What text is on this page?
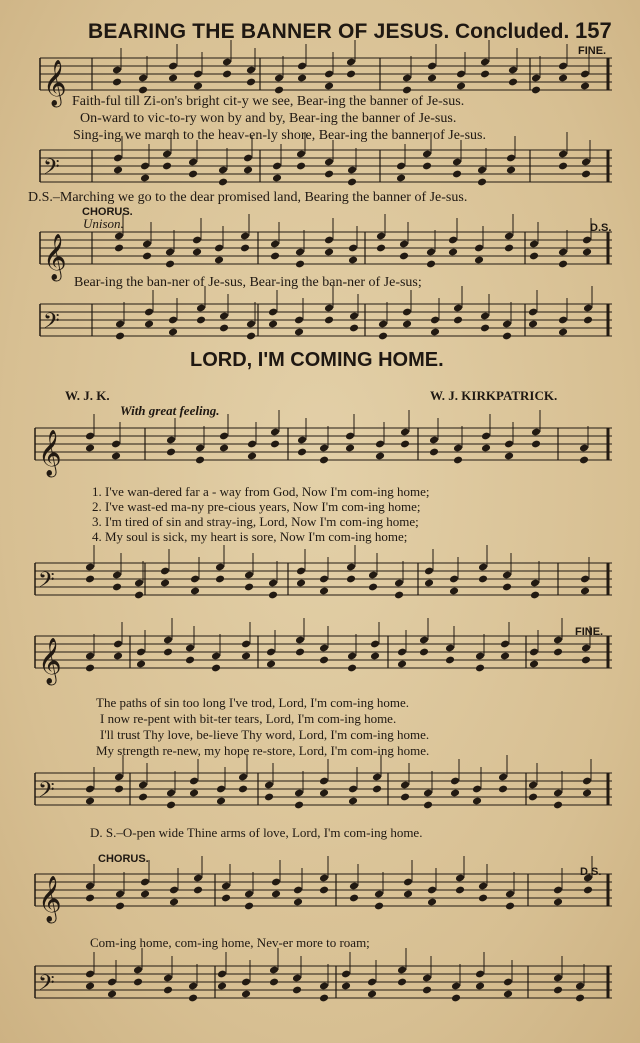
𝄞
𝄢
𝄞
𝄢
𝄞
𝄢
𝄞
𝄢
𝄞
𝄢
BEARING THE BANNER OF JESUS. Concluded. 157
FINE.
Faith-ful till Zi-on's bright cit-y we see, Bear-ing the banner of Je-sus.
On-ward to vic-to-ry won by and by, Bear-ing the banner of Je-sus.
Sing-ing we march to the heav-en-ly shore, Bear-ing the banner of Je-sus.
D.S.–Marching we go to the dear promised land, Bearing the banner of Je-sus.
CHORUS.
Unison.	D.S.
Bear-ing the ban-ner of Je-sus, Bear-ing the ban-ner of Je-sus;
LORD, I'M COMING HOME.
W. J. K.	W. J. KIRKPATRICK.
With great feeling.
1. I've wan-dered far a - way from God, Now I'm com-ing home;
2. I've wast-ed ma-ny pre-cious years, Now I'm com-ing home;
3. I'm tired of sin and stray-ing, Lord, Now I'm com-ing home;
4. My soul is sick, my heart is sore, Now I'm com-ing home;
FINE.
The paths of sin too long I've trod, Lord, I'm com-ing home.
I now re-pent with bit-ter tears, Lord, I'm com-ing home.
I'll trust Thy love, be-lieve Thy word, Lord, I'm com-ing home.
My strength re-new, my hope re-store, Lord, I'm com-ing home.
D. S.–O-pen wide Thine arms of love, Lord, I'm com-ing home.
CHORUS.
D.S.
Com-ing home, com-ing home, Nev-er more to roam;
